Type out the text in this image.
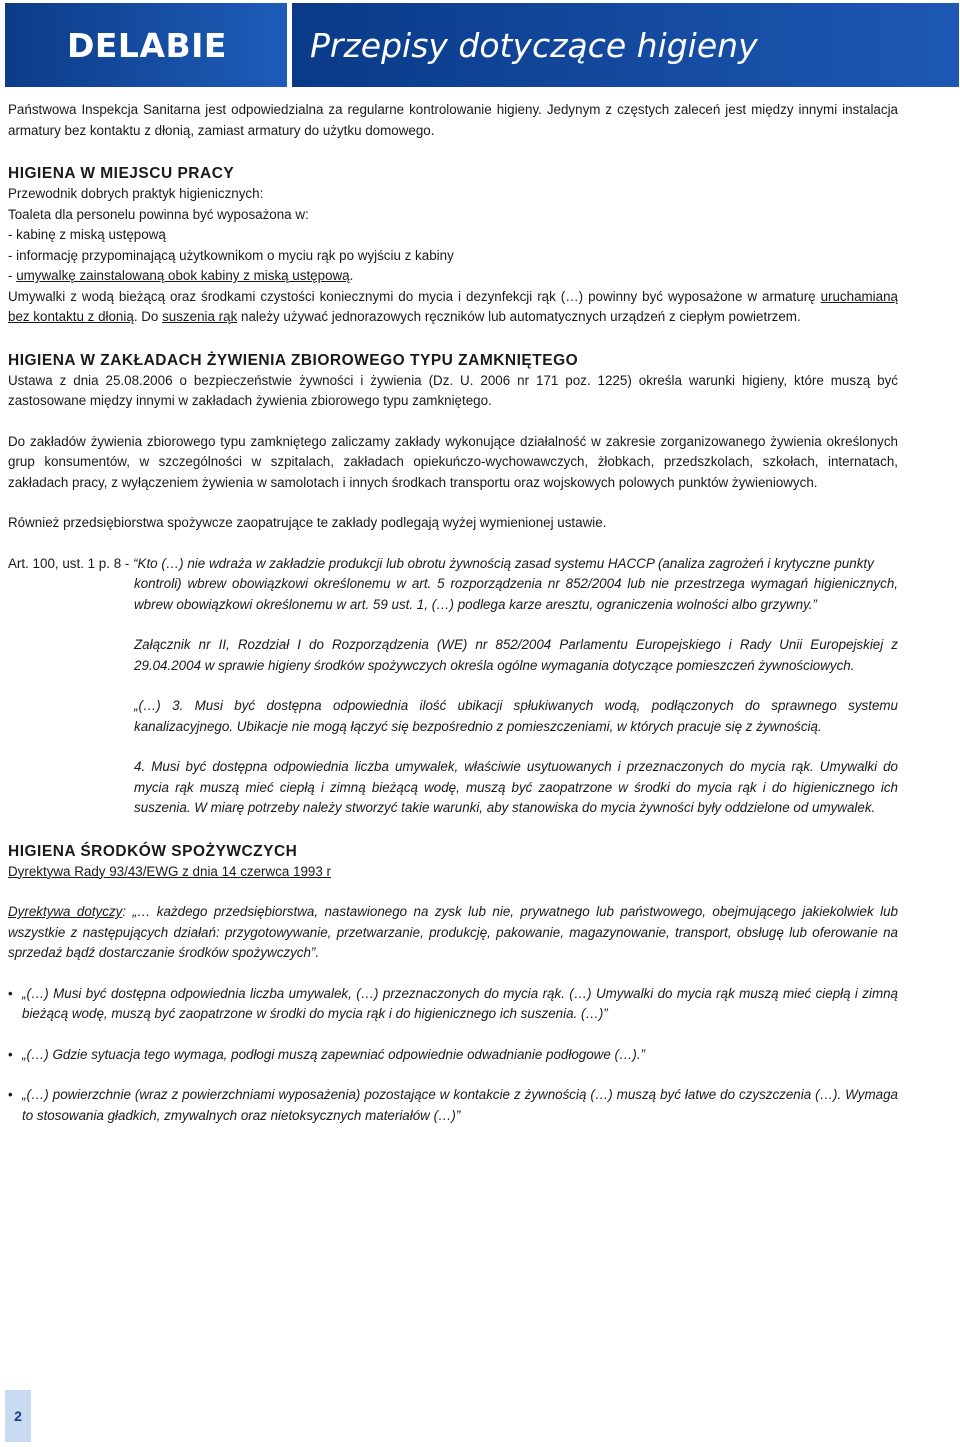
DELABIE	Przepisy dotyczące higieny

Państwowa Inspekcja Sanitarna jest odpowiedzialna za regularne kontrolowanie higieny. Jedynym z częstych zaleceń jest między innymi instalacja armatury bez kontaktu z dłonią, zamiast armatury do użytku domowego.

HIGIENA W MIEJSCU PRACY

Przewodnik dobrych praktyk higienicznych:

Toaleta dla personelu powinna być wyposażona w:

- kabinę z miską ustępową

- informację przypominającą użytkownikom o myciu rąk po wyjściu z kabiny

- umywalkę zainstalowaną obok kabiny z miską ustępową.

Umywalki z wodą bieżącą oraz środkami czystości koniecznymi do mycia i dezynfekcji rąk (…) powinny być wyposażone w armaturę uruchamianą bez kontaktu z dłonią. Do suszenia rąk należy używać jednorazowych ręczników lub automatycznych urządzeń z ciepłym powietrzem.

HIGIENA W ZAKŁADACH ŻYWIENIA ZBIOROWEGO TYPU ZAMKNIĘTEGO

Ustawa z dnia 25.08.2006 o bezpieczeństwie żywności i żywienia (Dz. U. 2006 nr 171 poz. 1225) określa warunki higieny, które muszą być zastosowane między innymi w zakładach żywienia zbiorowego typu zamkniętego.

Do zakładów żywienia zbiorowego typu zamkniętego zaliczamy zakłady wykonujące działalność w zakresie zorganizowanego żywienia określonych grup konsumentów, w szczególności w szpitalach, zakładach opiekuńczo-wychowawczych, żłobkach, przedszkolach, szkołach, internatach, zakładach pracy, z wyłączeniem żywienia w samolotach i innych środkach transportu oraz wojskowych polowych punktów żywieniowych.

Również przedsiębiorstwa spożywcze zaopatrujące te zakłady podlegają wyżej wymienionej ustawie.

Art. 100, ust. 1 p. 8 - “Kto (…) nie wdraża w zakładzie produkcji lub obrotu żywnością zasad systemu HACCP (analiza zagrożeń i krytyczne punkty

kontroli) wbrew obowiązkowi określonemu w art. 5 rozporządzenia nr 852/2004 lub nie przestrzega wymagań higienicznych, wbrew obowiązkowi określonemu w art. 59 ust. 1, (…) podlega karze aresztu, ograniczenia wolności albo grzywny.”

Załącznik nr II, Rozdział I do Rozporządzenia (WE) nr 852/2004 Parlamentu Europejskiego i Rady Unii Europejskiej z 29.04.2004 w sprawie higieny środków spożywczych określa ogólne wymagania dotyczące pomieszczeń żywnościowych.

„(…) 3. Musi być dostępna odpowiednia ilość ubikacji spłukiwanych wodą, podłączonych do sprawnego systemu kanalizacyjnego. Ubikacje nie mogą łączyć się bezpośrednio z pomieszczeniami, w których pracuje się z żywnością.

4. Musi być dostępna odpowiednia liczba umywalek, właściwie usytuowanych i przeznaczonych do mycia rąk. Umywalki do mycia rąk muszą mieć ciepłą i zimną bieżącą wodę, muszą być zaopatrzone w środki do mycia rąk i do higienicznego ich suszenia. W miarę potrzeby należy stworzyć takie warunki, aby stanowiska do mycia żywności były oddzielone od umywalek.

HIGIENA ŚRODKÓW SPOŻYWCZYCH

Dyrektywa Rady 93/43/EWG z dnia 14 czerwca 1993 r

Dyrektywa dotyczy: „… każdego przedsiębiorstwa, nastawionego na zysk lub nie, prywatnego lub państwowego, obejmującego jakiekolwiek lub wszystkie z następujących działań: przygotowywanie, przetwarzanie, produkcję, pakowanie, magazynowanie, transport, obsługę lub oferowanie na sprzedaż bądź dostarczanie środków spożywczych”.

• „(…) Musi być dostępna odpowiednia liczba umywalek, (…) przeznaczonych do mycia rąk. (…) Umywalki do mycia rąk muszą mieć ciepłą i zimną bieżącą wodę, muszą być zaopatrzone w środki do mycia rąk i do higienicznego ich suszenia. (…)”
• „(…) Gdzie sytuacja tego wymaga, podłogi muszą zapewniać odpowiednie odwadnianie podłogowe (…).”
• „(…) powierzchnie (wraz z powierzchniami wyposażenia) pozostające w kontakcie z żywnością (…) muszą być łatwe do czyszczenia (…). Wymaga to stosowania gładkich, zmywalnych oraz nietoksycznych materiałów (…)”
2
